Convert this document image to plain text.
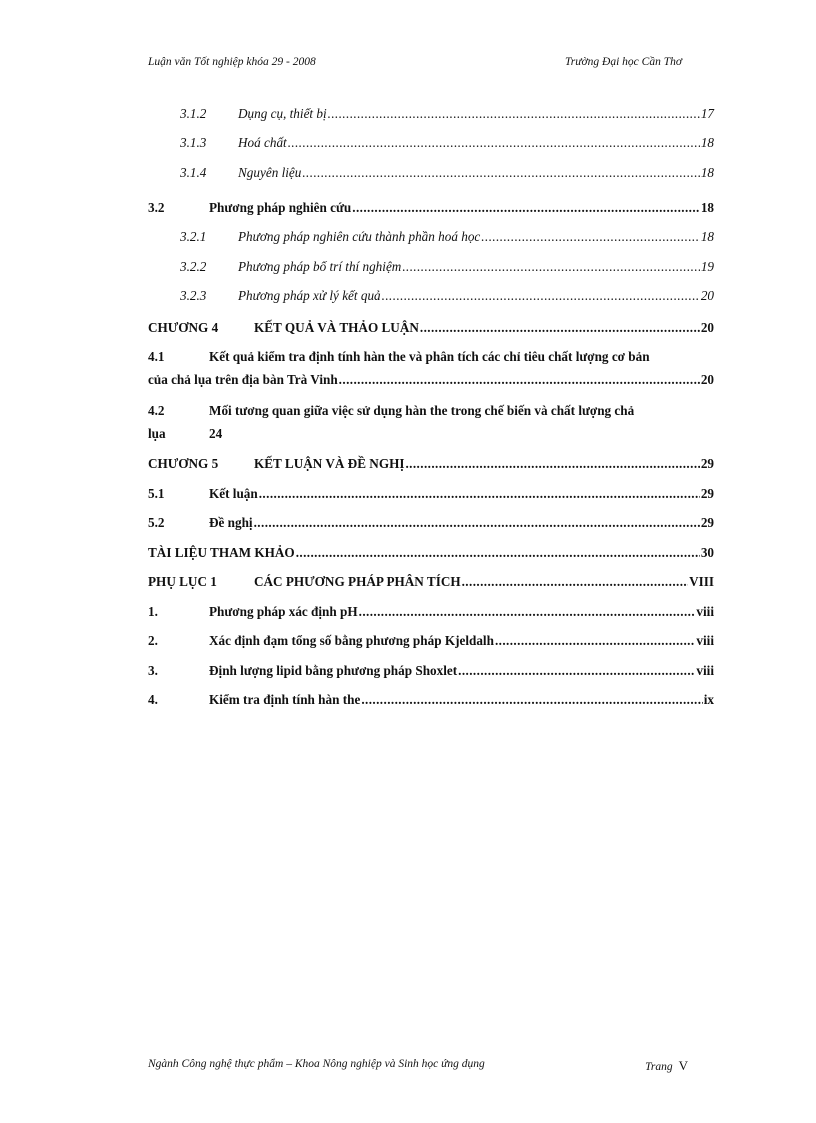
Luận văn Tốt nghiệp khóa 29 - 2008	Trường Đại học Cần Thơ
3.1.2	Dụng cụ, thiết bị .....	17
3.1.3	Hoá chất .....	18
3.1.4	Nguyên liệu .....	18
3.2	Phương pháp nghiên cứu .....	18
3.2.1	Phương pháp nghiên cứu thành phần hoá học .....	18
3.2.2	Phương pháp bố trí thí nghiệm .....	19
3.2.3	Phương pháp xử lý kết quả .....	20
CHƯƠNG 4	KẾT QUẢ VÀ THẢO LUẬN .....	20
4.1	Kết quả kiểm tra định tính hàn the và phân tích các chỉ tiêu chất lượng cơ bản
của chả lụa trên địa bàn Trà Vinh .....	20
4.2	Mối tương quan giữa việc sử dụng hàn the trong chế biến và chất lượng chả
lụa	24
CHƯƠNG 5	KẾT LUẬN VÀ ĐỀ NGHỊ .....	29
5.1	Kết luận .....	29
5.2	Đề nghị .....	29
TÀI LIỆU THAM KHẢO .....	30
PHỤ LỤC 1	CÁC PHƯƠNG PHÁP PHÂN TÍCH .....	VIII
1.	Phương pháp xác định pH .....	viii
2.	Xác định đạm tổng số bằng phương pháp Kjeldalh .....	viii
3.	Định lượng lipid bằng phương pháp Shoxlet .....	viii
4.	Kiểm tra định tính hàn the .....	ix
Ngành Công nghệ thực phẩm – Khoa Nông nghiệp và Sinh học ứng dụng	Trang V
